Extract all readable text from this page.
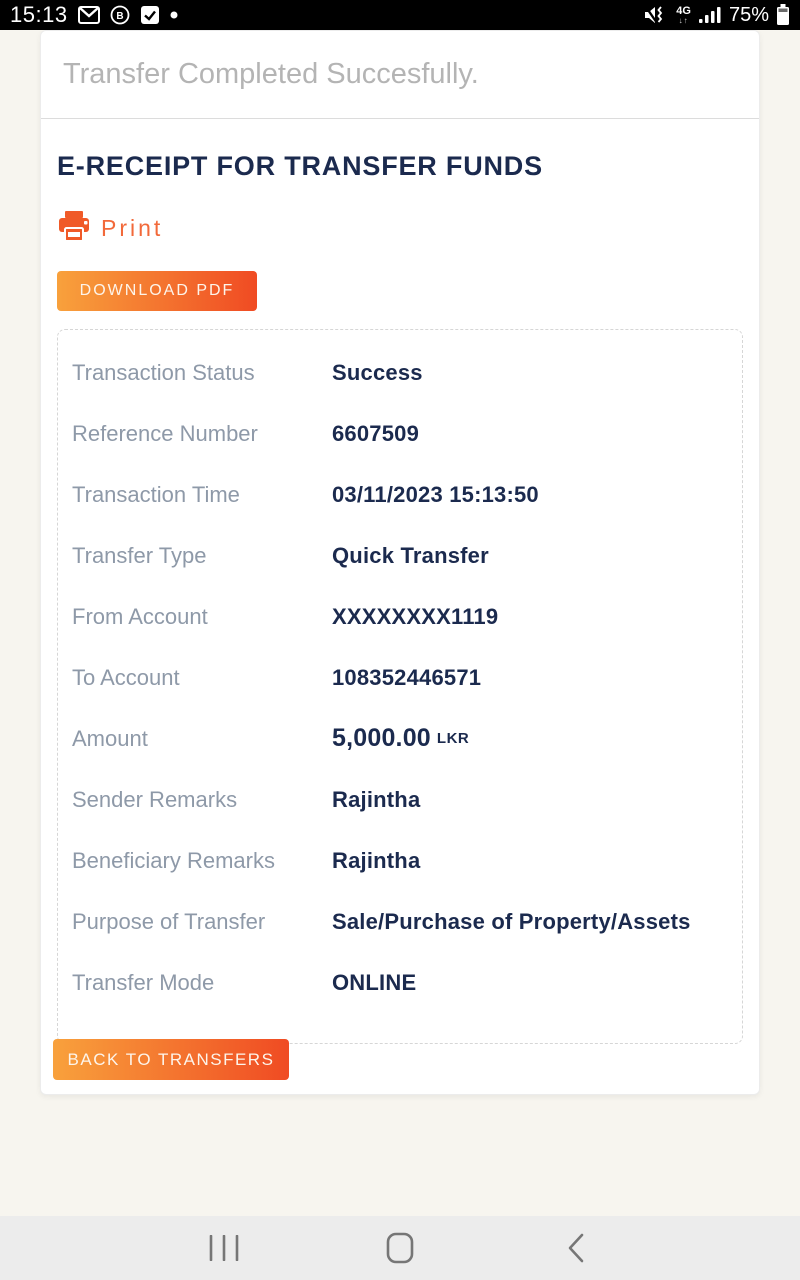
15:13	B	4G
↓↑ 75%
Transfer Completed Succesfully.
E-RECEIPT FOR TRANSFER FUNDS
Print
DOWNLOAD PDF
Transaction Status	Success
Reference Number	6607509
Transaction Time	03/11/2023 15:13:50
Transfer Type	Quick Transfer
From Account	XXXXXXXX1119
To Account	108352446571
Amount	5,000.00 LKR
Sender Remarks	Rajintha
Beneficiary Remarks	Rajintha
Purpose of Transfer	Sale/Purchase of Property/Assets
Transfer Mode	ONLINE
BACK TO TRANSFERS
